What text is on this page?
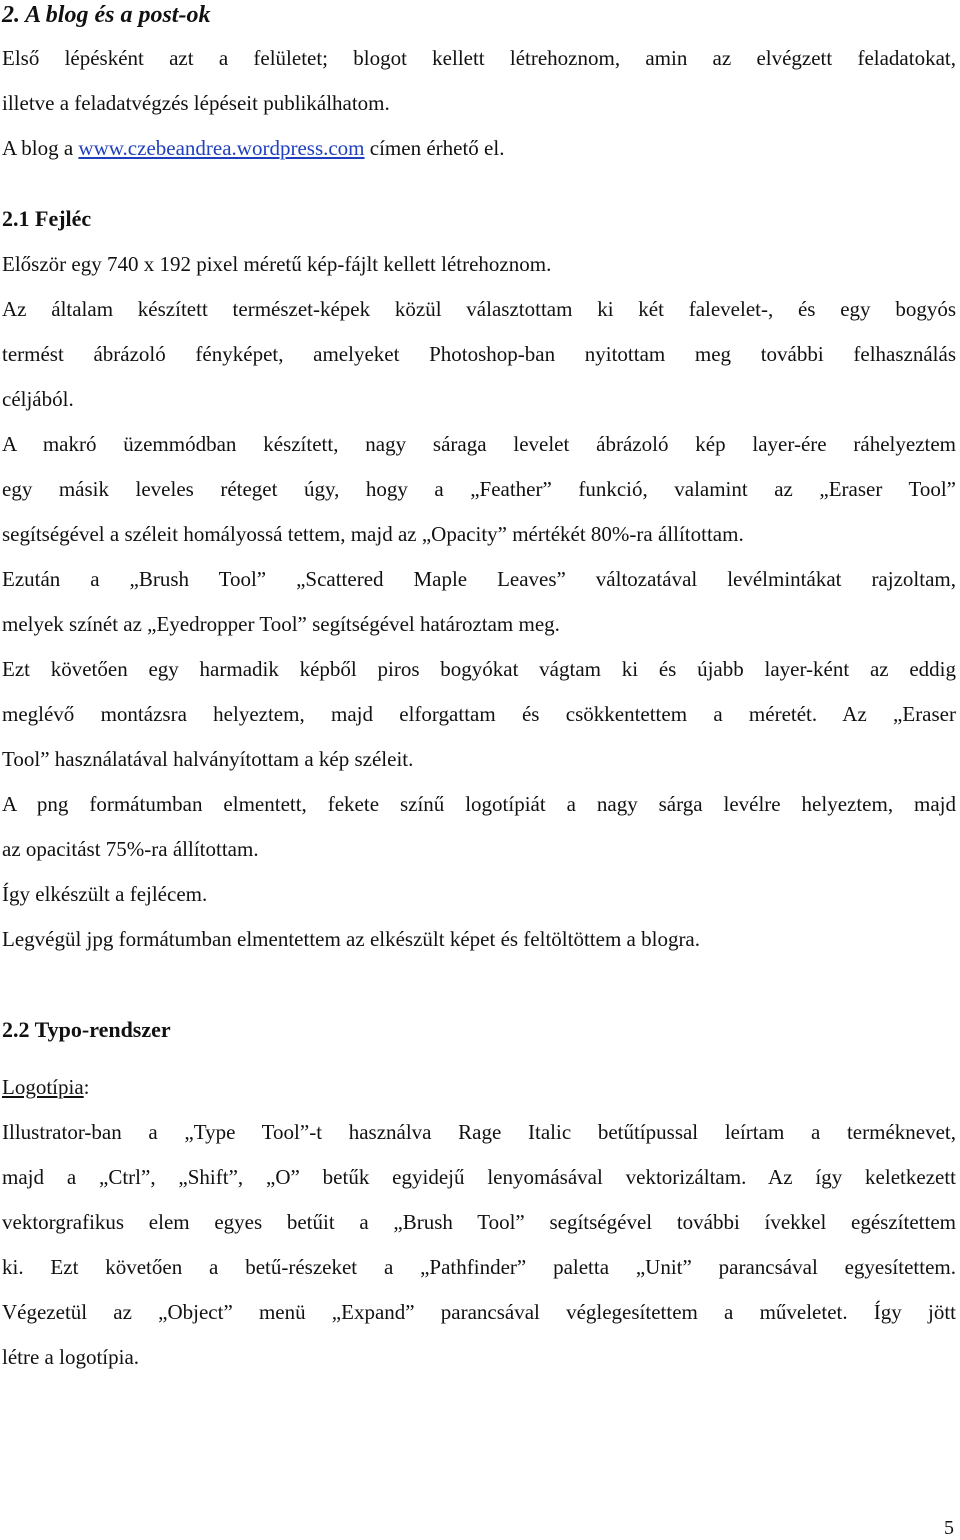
2. A blog és a post-ok
Első lépésként azt a felületet; blogot kellett létrehoznom, amin az elvégzett feladatokat,
illetve a feladatvégzés lépéseit publikálhatom.
A blog a www.czebeandrea.wordpress.com címen érhető el.
2.1 Fejléc
Először egy 740 x 192 pixel méretű kép-fájlt kellett létrehoznom.
Az általam készített természet-képek közül választottam ki két falevelet-, és egy bogyós
termést ábrázoló fényképet, amelyeket Photoshop-ban nyitottam meg további felhasználás
céljából.
A makró üzemmódban készített, nagy sáraga levelet ábrázoló kép layer-ére ráhelyeztem
egy másik leveles réteget úgy, hogy a „Feather” funkció, valamint az „Eraser Tool”
segítségével a széleit homályossá tettem, majd az „Opacity” mértékét 80%-ra állítottam.
Ezután a „Brush Tool” „Scattered Maple Leaves” változatával levélmintákat rajzoltam,
melyek színét az „Eyedropper Tool” segítségével határoztam meg.
Ezt követően egy harmadik képből piros bogyókat vágtam ki és újabb layer-ként az eddig
meglévő montázsra helyeztem, majd elforgattam és csökkentettem a méretét. Az „Eraser
Tool” használatával halványítottam a kép széleit.
A png formátumban elmentett, fekete színű logotípiát a nagy sárga levélre helyeztem, majd
az opacitást 75%-ra állítottam.
Így elkészült a fejlécem.
Legvégül jpg formátumban elmentettem az elkészült képet és feltöltöttem a blogra.
2.2 Typo-rendszer
Logotípia:
Illustrator-ban a „Type Tool”-t használva Rage Italic betűtípussal leírtam a terméknevet,
majd a „Ctrl”, „Shift”, „O” betűk egyidejű lenyomásával vektorizáltam. Az így keletkezett
vektorgrafikus elem egyes betűit a „Brush Tool” segítségével további ívekkel egészítettem
ki. Ezt követően a betű-részeket a „Pathfinder” paletta „Unit” parancsával egyesítettem.
Végezetül az „Object” menü „Expand” parancsával véglegesítettem a műveletet. Így jött
létre a logotípia.
5
